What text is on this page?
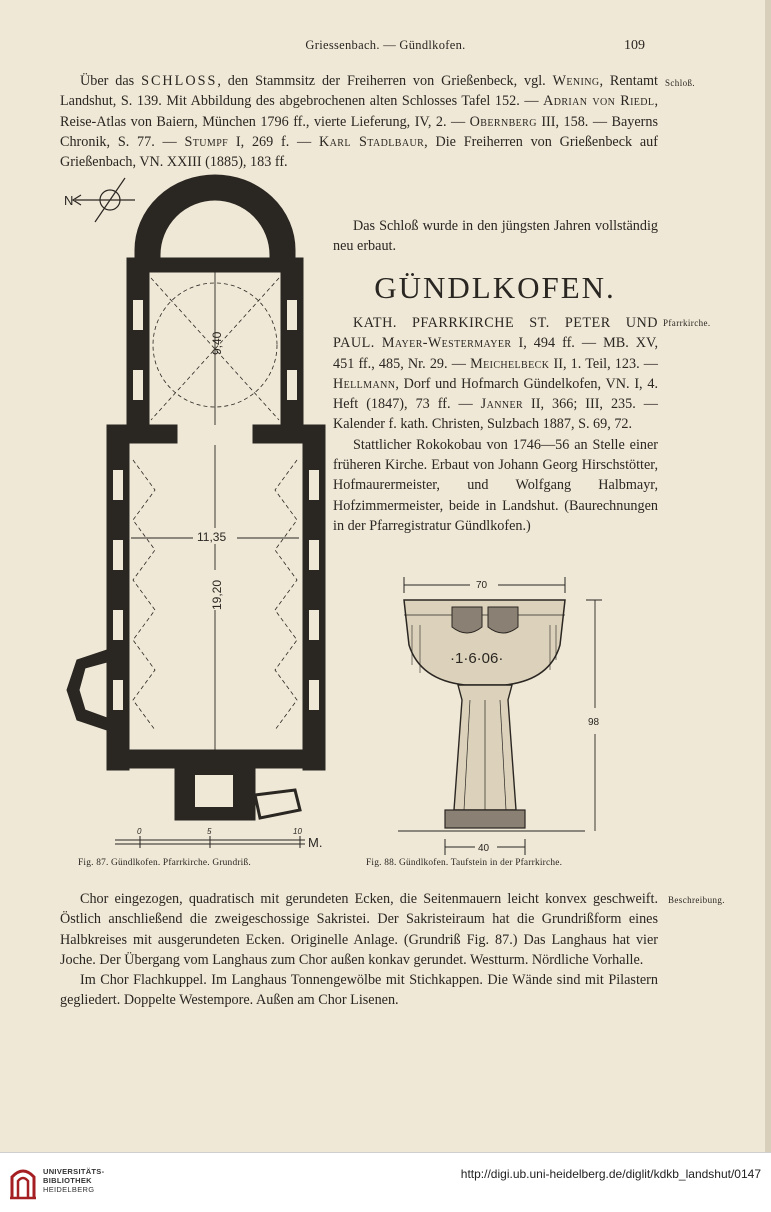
Griessenbach. — Gündlkofen.	109

Über das SCHLOSS, den Stammsitz der Freiherren von Grießenbeck, vgl. Wening, Rentamt Landshut, S. 139. Mit Abbildung des abgebrochenen alten Schlosses Tafel 152. — Adrian von Riedl, Reise-Atlas von Baiern, München 1796 ff., vierte Lieferung, IV, 2. — Obernberg III, 158. — Bayerns Chronik, S. 77. — Stumpf I, 269 f. — Karl Stadlbaur, Die Freiherren von Grießenbeck auf Grießenbach, VN. XXIII (1885), 183 ff.

Das Schloß wurde in den jüngsten Jahren vollständig neu erbaut.

Schloß.
GÜNDLKOFEN.

KATH. PFARRKIRCHE ST. PETER UND PAUL. Mayer-Westermayer I, 494 ff. — MB. XV, 451 ff., 485, Nr. 29. — Meichelbeck II, 1. Teil, 123. — Hellmann, Dorf und Hofmarch Gündelkofen, VN. I, 4. Heft (1847), 73 ff. — Janner II, 366; III, 235. — Kalender f. kath. Christen, Sulzbach 1887, S. 69, 72.

Stattlicher Rokokobau von 1746—56 an Stelle einer früheren Kirche. Erbaut von Johann Georg Hirschstötter, Hofmaurermeister, und Wolfgang Halbmayr, Hofzimmermeister, beide in Landshut. (Baurechnungen in der Pfarregistratur Gündlkofen.)

Pfarrkirche.
N
9,40
11,35
19,20
0	5	10
M.
Fig. 87. Gündlkofen. Pfarrkirche. Grundriß.
70
·1·6·06·
98
40
Fig. 88. Gündlkofen. Taufstein in der Pfarrkirche.

Chor eingezogen, quadratisch mit gerundeten Ecken, die Seitenmauern leicht konvex geschweift. Östlich anschließend die zweigeschossige Sakristei. Der Sakristeiraum hat die Grundrißform eines Halbkreises mit ausgerundeten Ecken. Originelle Anlage. (Grundriß Fig. 87.) Das Langhaus hat vier Joche. Der Übergang vom Langhaus zum Chor außen konkav gerundet. Westturm. Nördliche Vorhalle.

Im Chor Flachkuppel. Im Langhaus Tonnengewölbe mit Stichkappen. Die Wände sind mit Pilastern gegliedert. Doppelte Westempore. Außen am Chor Lisenen.

Beschreibung.
UNIVERSITÄTS-
BIBLIOTHEK
HEIDELBERG
http://digi.ub.uni-heidelberg.de/diglit/kdkb_landshut/0147
